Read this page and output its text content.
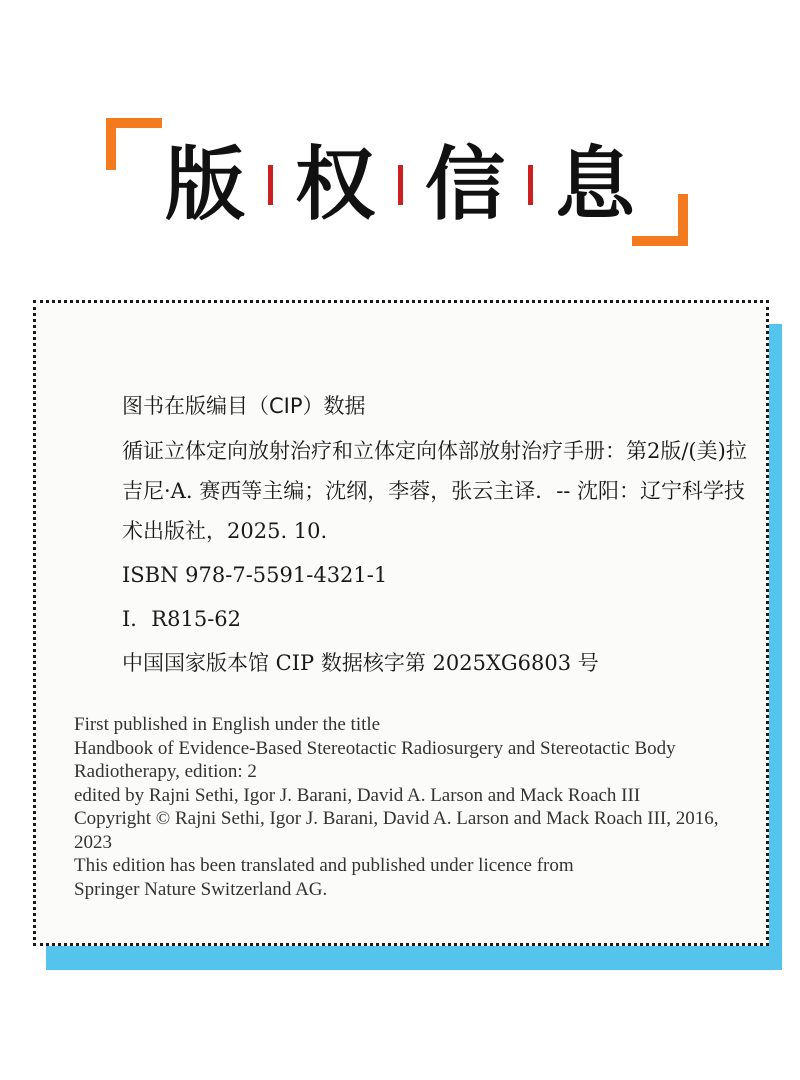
版 权 信 息

图书在版编目（CIP）数据

循证立体定向放射治疗和立体定向体部放射治疗手册：第2版/(美)拉吉尼·A. 赛西等主编；沈纲，李蓉，张云主译．-- 沈阳：辽宁科学技术出版社，2025. 10.

ISBN 978-7-5591-4321-1

Ⅰ．R815-62

中国国家版本馆 CIP 数据核字第 2025XG6803 号

First published in English under the title

Handbook of Evidence-Based Stereotactic Radiosurgery and Stereotactic Body Radiotherapy, edition: 2

edited by Rajni Sethi, Igor J. Barani, David A. Larson and Mack Roach III

Copyright © Rajni Sethi, Igor J. Barani, David A. Larson and Mack Roach III, 2016, 2023

This edition has been translated and published under licence from

Springer Nature Switzerland AG.
